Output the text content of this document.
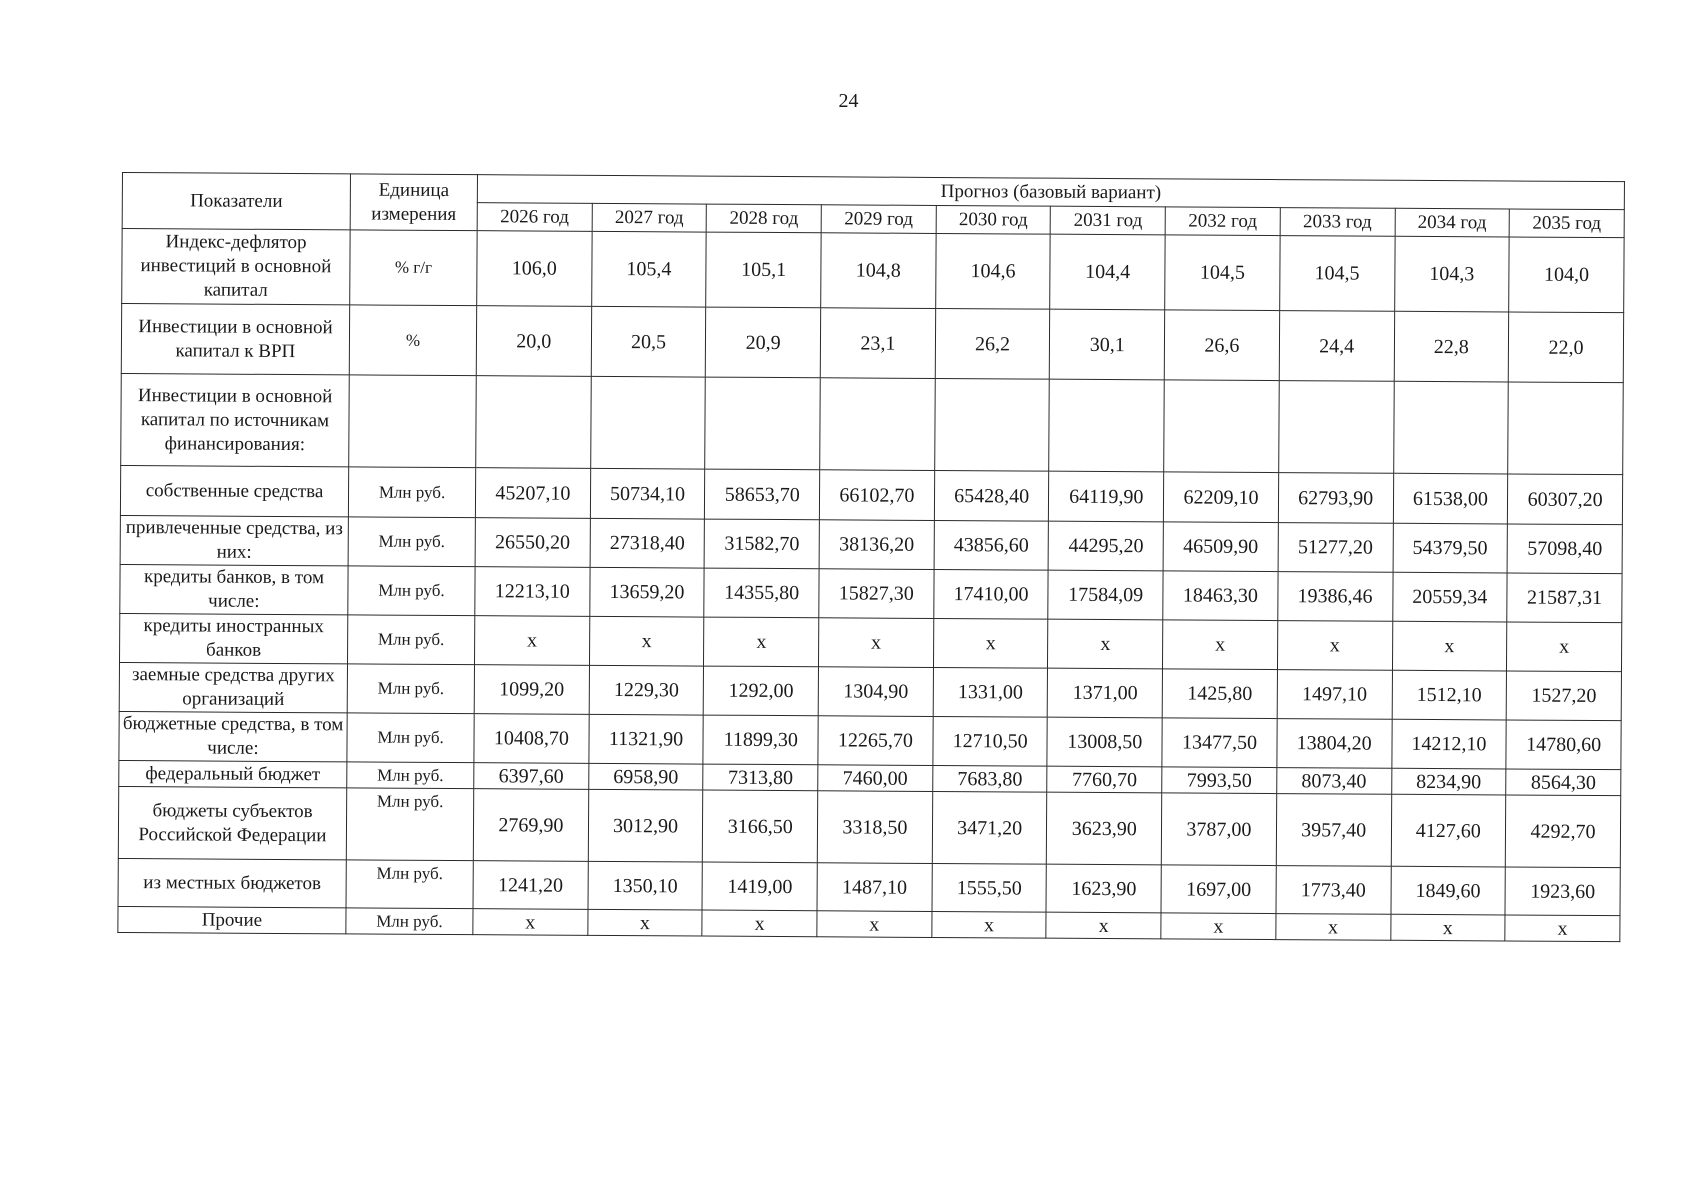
24
Показатели	Единица измерения	Прогноз (базовый вариант)									
		2026 год	2027 год	2028 год	2029 год	2030 год	2031 год	2032 год	2033 год	2034 год	2035 год
Индекс-дефлятор инвестиций в основной капитал	% г/г	106,0	105,4	105,1	104,8	104,6	104,4	104,5	104,5	104,3	104,0
Инвестиции в основной капитал к ВРП	%	20,0	20,5	20,9	23,1	26,2	30,1	26,6	24,4	22,8	22,0
Инвестиции в основной капитал по источникам финансирования:											
собственные средства	Млн руб.	45207,10	50734,10	58653,70	66102,70	65428,40	64119,90	62209,10	62793,90	61538,00	60307,20
привлеченные средства, из них:	Млн руб.	26550,20	27318,40	31582,70	38136,20	43856,60	44295,20	46509,90	51277,20	54379,50	57098,40
кредиты банков, в том числе:	Млн руб.	12213,10	13659,20	14355,80	15827,30	17410,00	17584,09	18463,30	19386,46	20559,34	21587,31
кредиты иностранных банков	Млн руб.	x	x	x	x	x	x	x	x	x	x
заемные средства других организаций	Млн руб.	1099,20	1229,30	1292,00	1304,90	1331,00	1371,00	1425,80	1497,10	1512,10	1527,20
бюджетные средства, в том числе:	Млн руб.	10408,70	11321,90	11899,30	12265,70	12710,50	13008,50	13477,50	13804,20	14212,10	14780,60
федеральный бюджет	Млн руб.	6397,60	6958,90	7313,80	7460,00	7683,80	7760,70	7993,50	8073,40	8234,90	8564,30
бюджеты субъектов Российской Федерации	Млн руб.	2769,90	3012,90	3166,50	3318,50	3471,20	3623,90	3787,00	3957,40	4127,60	4292,70
из местных бюджетов	Млн руб.	1241,20	1350,10	1419,00	1487,10	1555,50	1623,90	1697,00	1773,40	1849,60	1923,60
Прочие	Млн руб.	x	x	x	x	x	x	x	x	x	x
